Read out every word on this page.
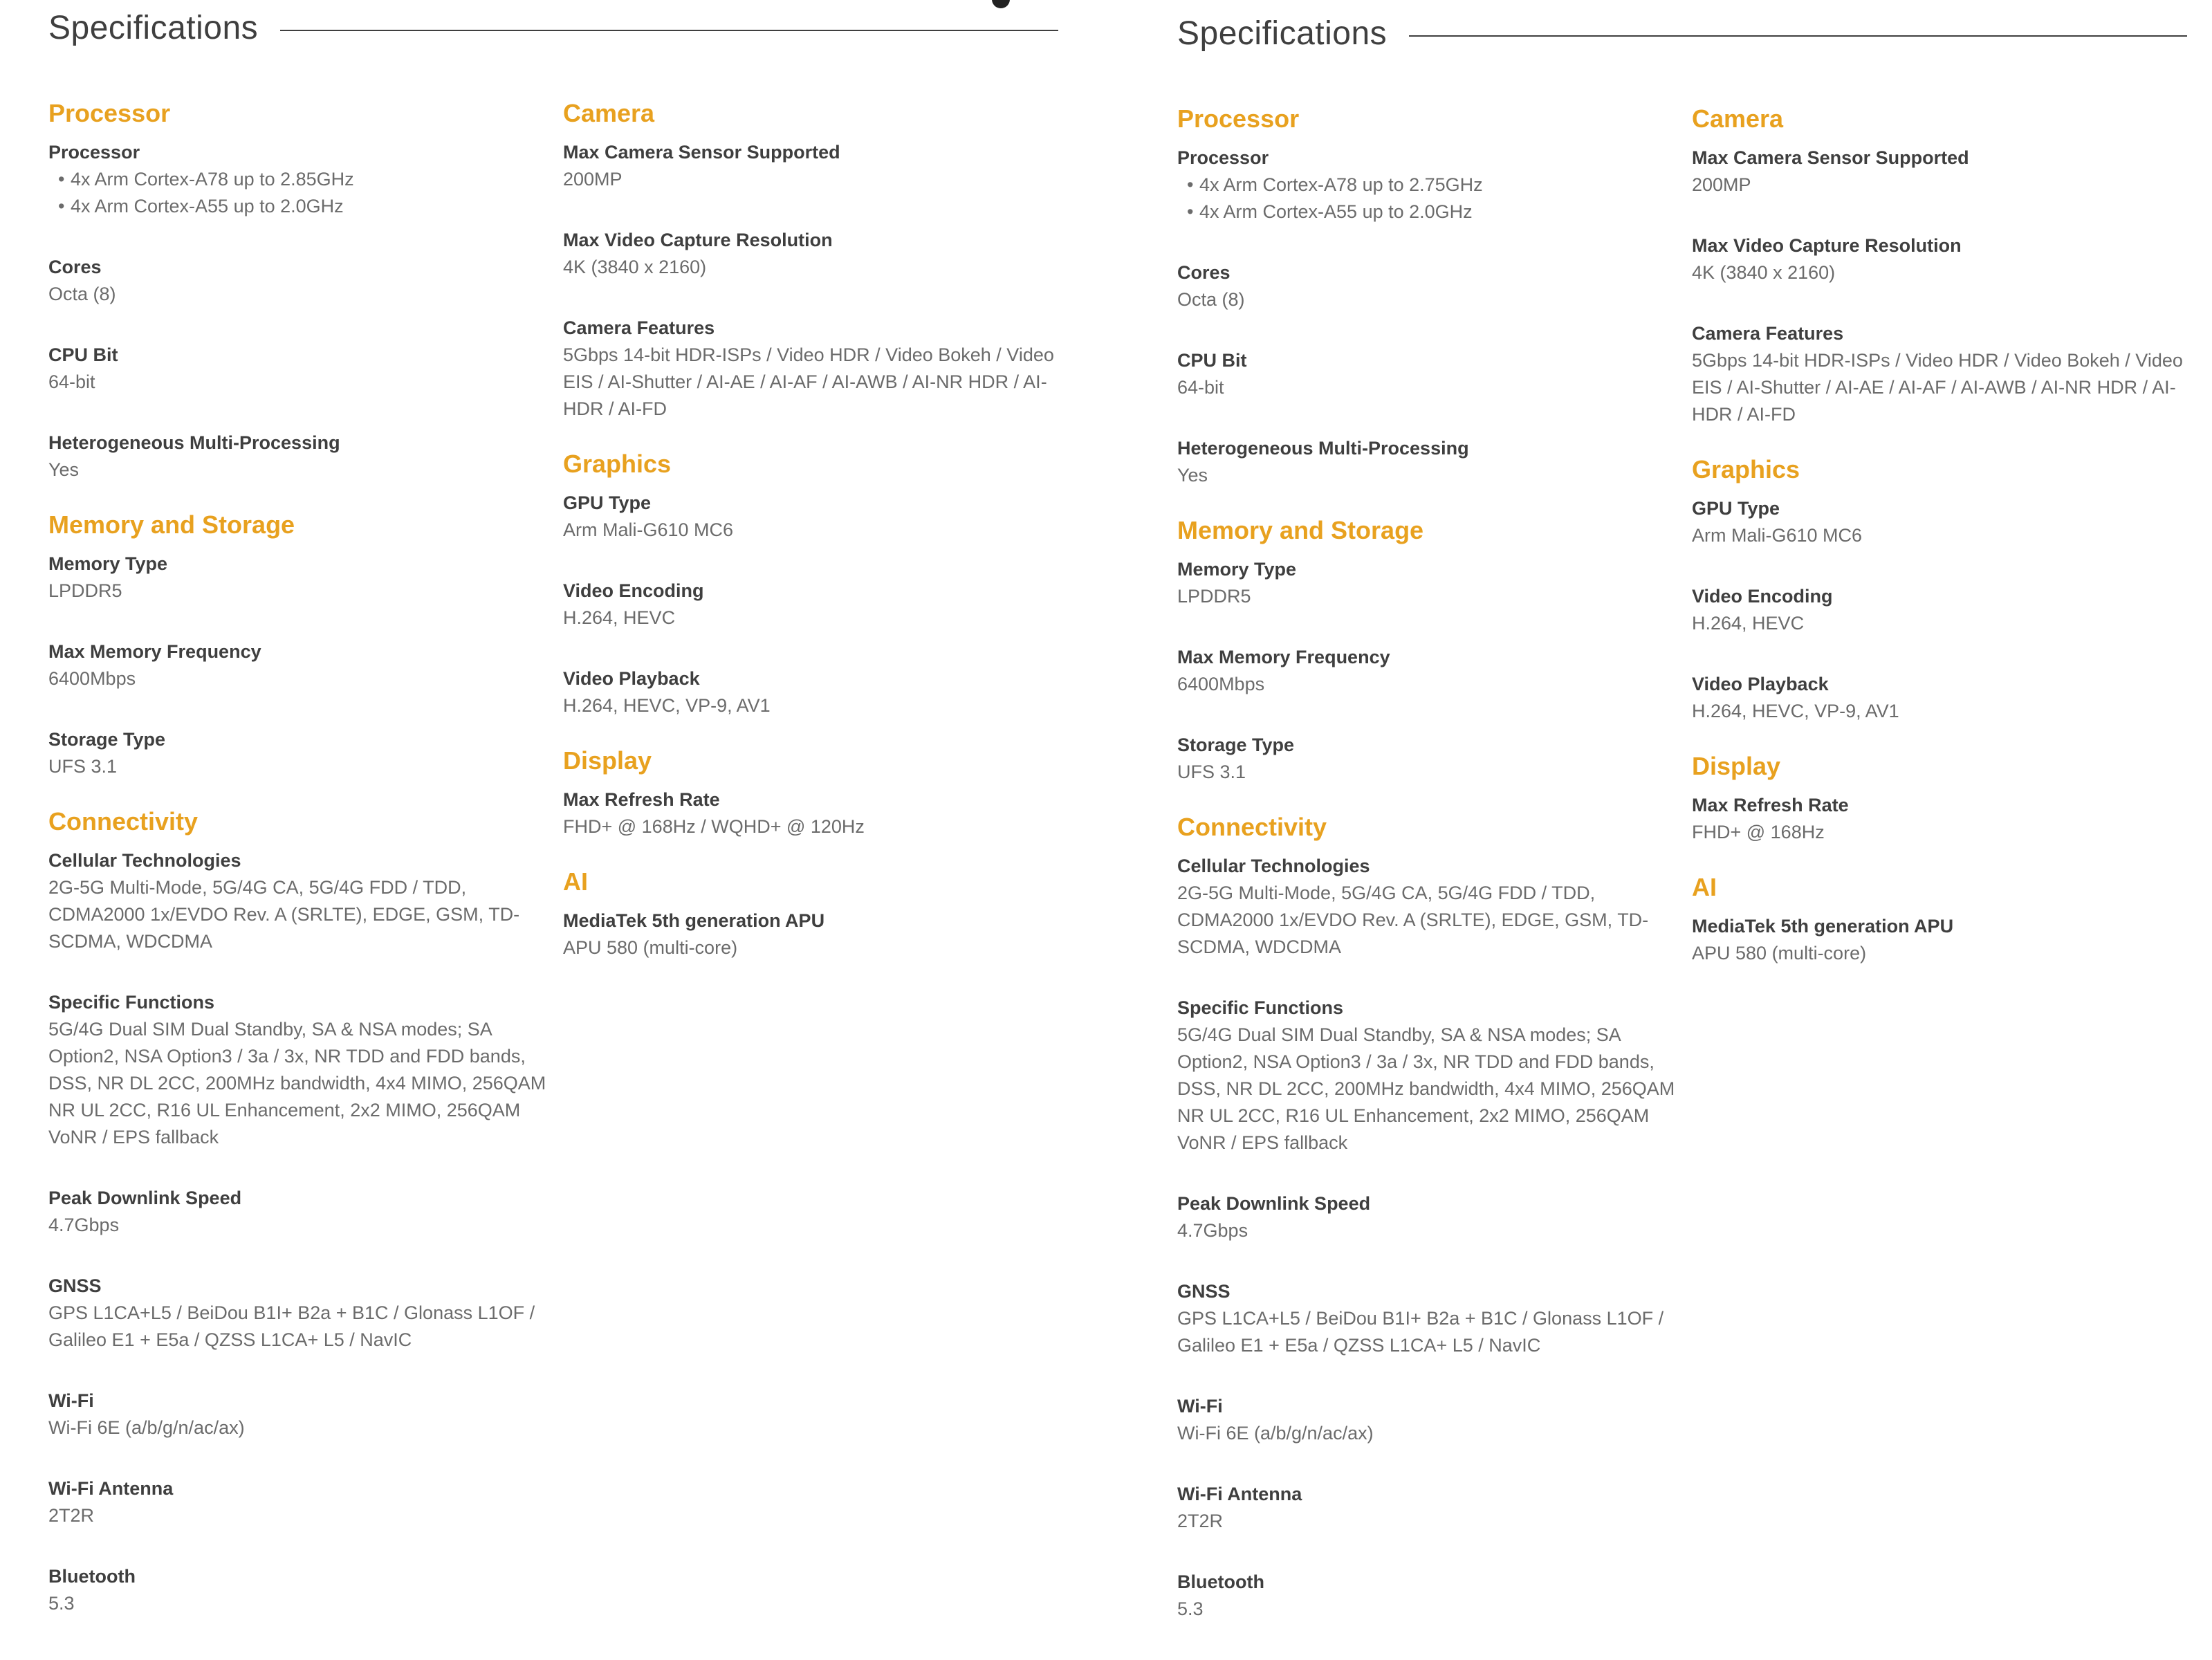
Specifications
Processor
Processor
• 4x Arm Cortex-A78 up to 2.85GHz
• 4x Arm Cortex-A55 up to 2.0GHz
Cores
Octa (8)
CPU Bit
64-bit
Heterogeneous Multi-Processing
Yes
Memory and Storage
Memory Type
LPDDR5
Max Memory Frequency
6400Mbps
Storage Type
UFS 3.1
Connectivity
Cellular Technologies
2G-5G Multi-Mode, 5G/4G CA, 5G/4G FDD / TDD, CDMA2000 1x/EVDO Rev. A (SRLTE), EDGE, GSM, TD-SCDMA, WDCDMA
Specific Functions
5G/4G Dual SIM Dual Standby, SA & NSA modes; SA Option2, NSA Option3 / 3a / 3x, NR TDD and FDD bands, DSS, NR DL 2CC, 200MHz bandwidth, 4x4 MIMO, 256QAM NR UL 2CC, R16 UL Enhancement, 2x2 MIMO, 256QAM VoNR / EPS fallback
Peak Downlink Speed
4.7Gbps
GNSS
GPS L1CA+L5 / BeiDou B1I+ B2a + B1C / Glonass L1OF / Galileo E1 + E5a / QZSS L1CA+ L5 / NavIC
Wi-Fi
Wi-Fi 6E (a/b/g/n/ac/ax)
Wi-Fi Antenna
2T2R
Bluetooth
5.3
Camera
Max Camera Sensor Supported
200MP
Max Video Capture Resolution
4K (3840 x 2160)
Camera Features
5Gbps 14-bit HDR-ISPs / Video HDR / Video Bokeh / Video EIS / AI-Shutter / AI-AE / AI-AF / AI-AWB / AI-NR HDR / AI-HDR / AI-FD
Graphics
GPU Type
Arm Mali-G610 MC6
Video Encoding
H.264, HEVC
Video Playback
H.264, HEVC, VP-9, AV1
Display
Max Refresh Rate
FHD+ @ 168Hz / WQHD+ @ 120Hz
AI
MediaTek 5th generation APU
APU 580 (multi-core)
Specifications
Processor
Processor
• 4x Arm Cortex-A78 up to 2.75GHz
• 4x Arm Cortex-A55 up to 2.0GHz
Cores
Octa (8)
CPU Bit
64-bit
Heterogeneous Multi-Processing
Yes
Memory and Storage
Memory Type
LPDDR5
Max Memory Frequency
6400Mbps
Storage Type
UFS 3.1
Connectivity
Cellular Technologies
2G-5G Multi-Mode, 5G/4G CA, 5G/4G FDD / TDD, CDMA2000 1x/EVDO Rev. A (SRLTE), EDGE, GSM, TD-SCDMA, WDCDMA
Specific Functions
5G/4G Dual SIM Dual Standby, SA & NSA modes; SA Option2, NSA Option3 / 3a / 3x, NR TDD and FDD bands, DSS, NR DL 2CC, 200MHz bandwidth, 4x4 MIMO, 256QAM NR UL 2CC, R16 UL Enhancement, 2x2 MIMO, 256QAM VoNR / EPS fallback
Peak Downlink Speed
4.7Gbps
GNSS
GPS L1CA+L5 / BeiDou B1I+ B2a + B1C / Glonass L1OF / Galileo E1 + E5a / QZSS L1CA+ L5 / NavIC
Wi-Fi
Wi-Fi 6E (a/b/g/n/ac/ax)
Wi-Fi Antenna
2T2R
Bluetooth
5.3
Camera
Max Camera Sensor Supported
200MP
Max Video Capture Resolution
4K (3840 x 2160)
Camera Features
5Gbps 14-bit HDR-ISPs / Video HDR / Video Bokeh / Video EIS / AI-Shutter / AI-AE / AI-AF / AI-AWB / AI-NR HDR / AI-HDR / AI-FD
Graphics
GPU Type
Arm Mali-G610 MC6
Video Encoding
H.264, HEVC
Video Playback
H.264, HEVC, VP-9, AV1
Display
Max Refresh Rate
FHD+ @ 168Hz
AI
MediaTek 5th generation APU
APU 580 (multi-core)
